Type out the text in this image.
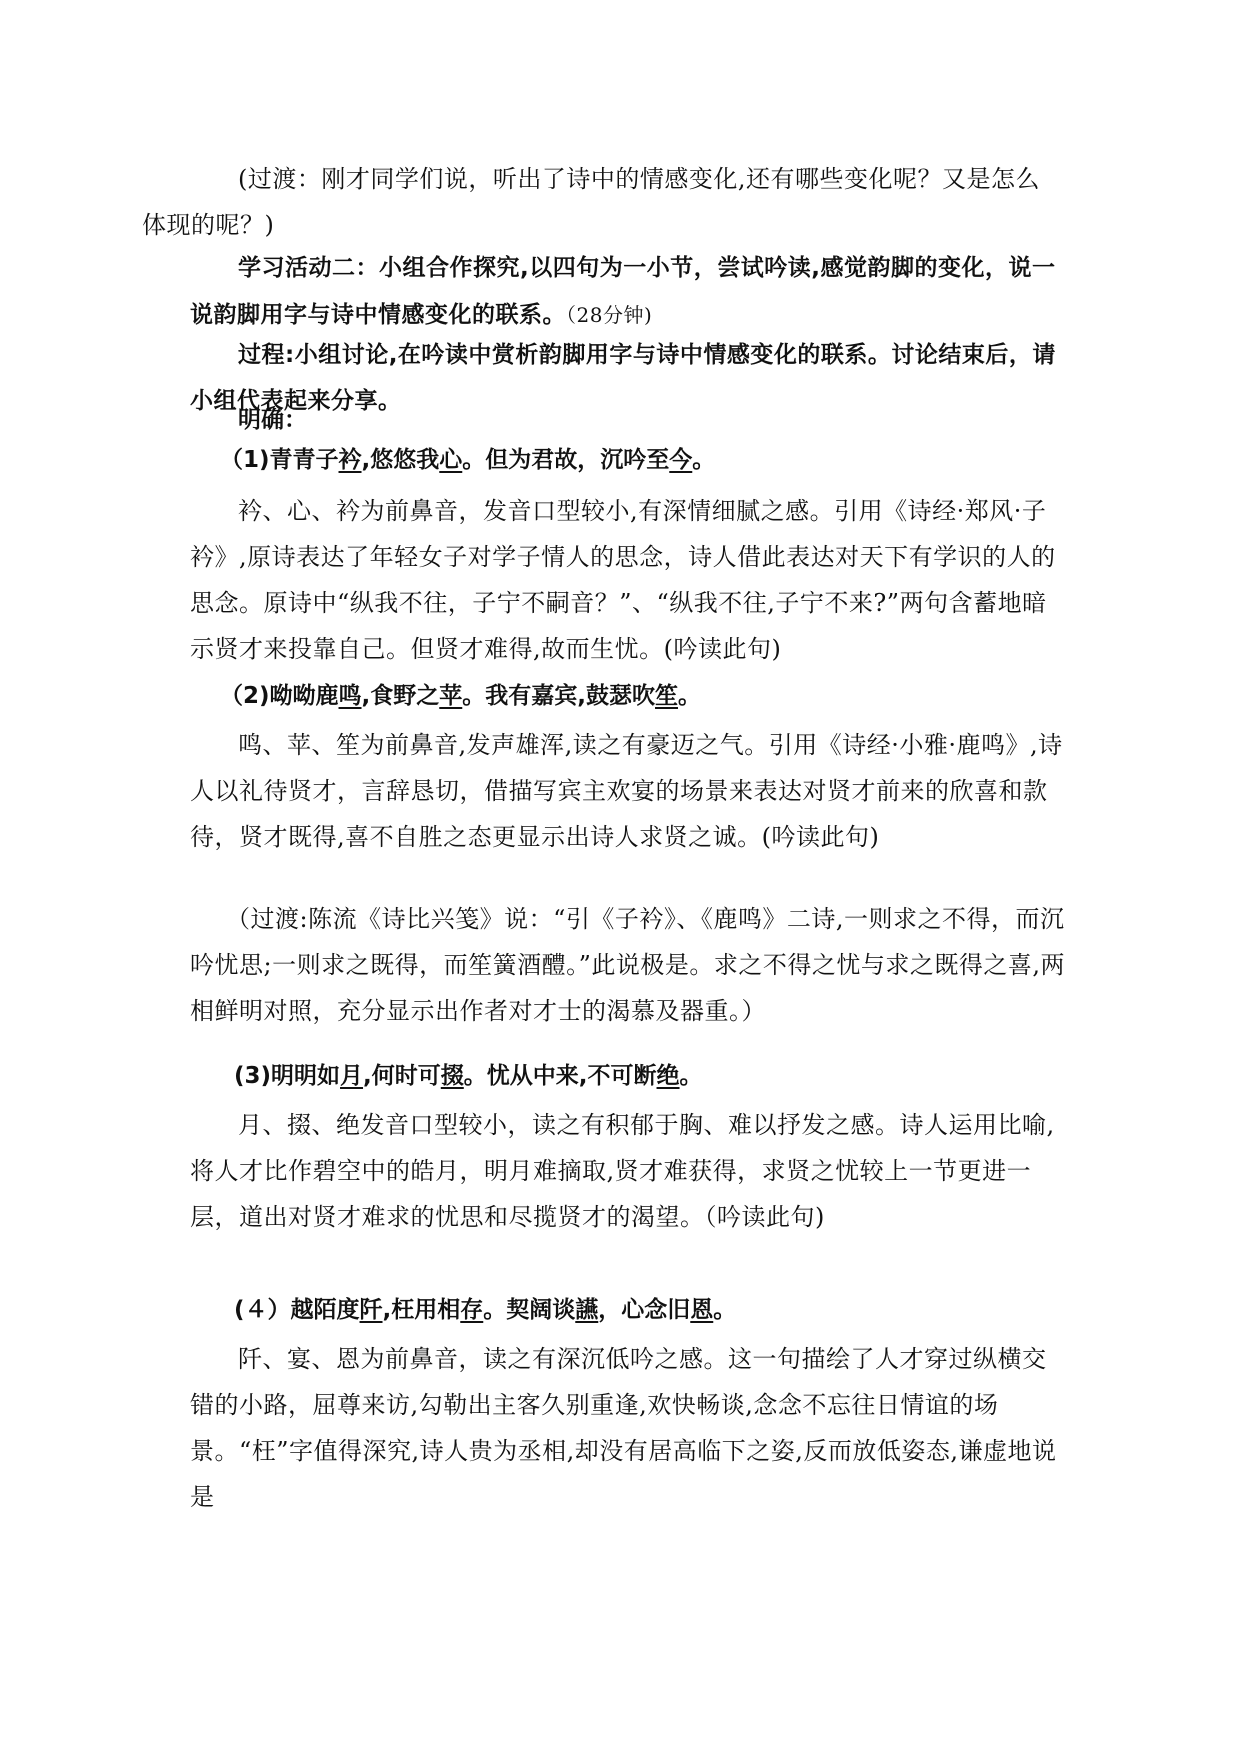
(过渡：刚才同学们说，听出了诗中的情感变化,还有哪些变化呢？又是怎么
体现的呢？)

学习活动二：小组合作探究,以四句为一小节，尝试吟读,感觉韵脚的变化，说一说韵脚用字与诗中情感变化的联系。（28分钟)

过程:小组讨论,在吟读中赏析韵脚用字与诗中情感变化的联系。讨论结束后，请小组代表起来分享。

明确：

（1)青青子衿,悠悠我心。但为君故，沉吟至今。

衿、心、衿为前鼻音，发音口型较小,有深情细腻之感。引用《诗经·郑风·子衿》,原诗表达了年轻女子对学子情人的思念，诗人借此表达对天下有学识的人的思念。原诗中“纵我不往，子宁不嗣音？”、“纵我不往,子宁不来?”两句含蓄地暗示贤才来投靠自己。但贤才难得,故而生忧。(吟读此句)

（2)呦呦鹿鸣,食野之苹。我有嘉宾,鼓瑟吹笙。

鸣、苹、笙为前鼻音,发声雄浑,读之有豪迈之气。引用《诗经·小雅·鹿鸣》,诗人以礼待贤才，言辞恳切，借描写宾主欢宴的场景来表达对贤才前来的欣喜和款待，贤才既得,喜不自胜之态更显示出诗人求贤之诚。(吟读此句)

（过渡:陈流《诗比兴笺》说：“引《子衿》、《鹿鸣》二诗,一则求之不得，而沉吟忧思;一则求之既得，而笙簧酒醴。”此说极是。求之不得之忧与求之既得之喜,两相鲜明对照，充分显示出作者对才士的渴慕及器重。）

(3)明明如月,何时可掇。忧从中来,不可断绝。

月、掇、绝发音口型较小，读之有积郁于胸、难以抒发之感。诗人运用比喻,将人才比作碧空中的皓月，明月难摘取,贤才难获得，求贤之忧较上一节更进一层，道出对贤才难求的忧思和尽揽贤才的渴望。（吟读此句)

(４）越陌度阡,枉用相存。契阔谈讌，心念旧恩。

阡、宴、恩为前鼻音，读之有深沉低吟之感。这一句描绘了人才穿过纵横交错的小路，屈尊来访,勾勒出主客久别重逢,欢快畅谈,念念不忘往日情谊的场景。“枉”字值得深究,诗人贵为丞相,却没有居高临下之姿,反而放低姿态,谦虚地说是
